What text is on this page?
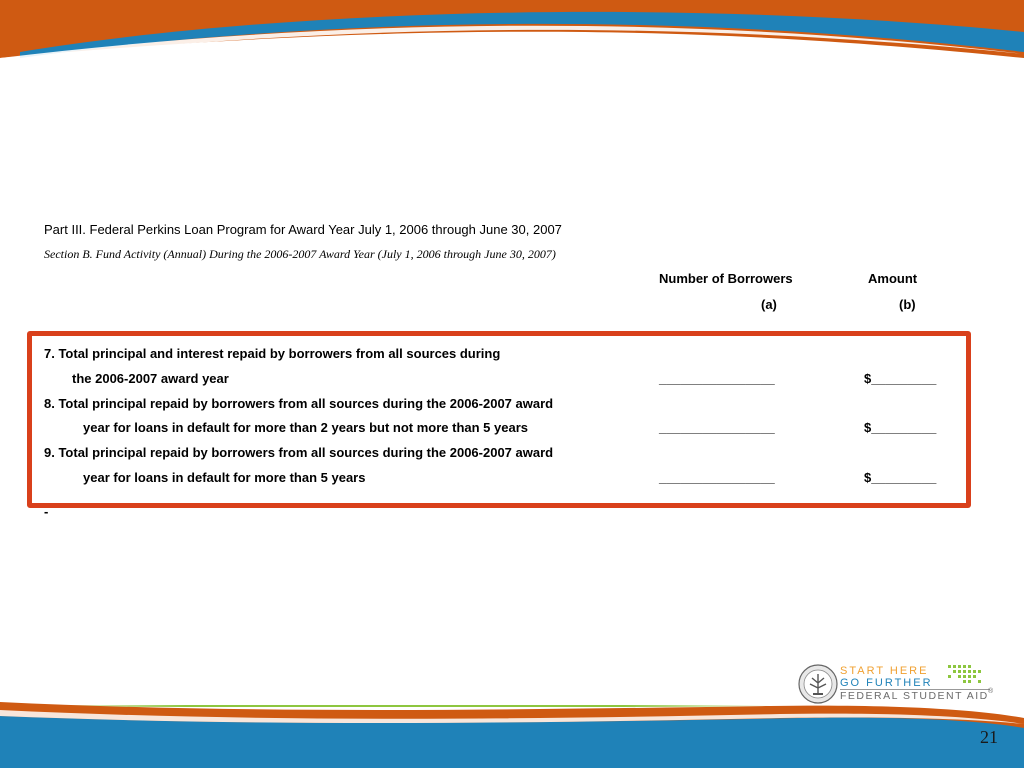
Part III. Federal Perkins Loan Program for Award Year July 1, 2006 through June 30, 2007
Section B. Fund Activity (Annual) During the 2006-2007 Award Year (July 1, 2006 through June 30, 2007)
Number of Borrowers	Amount
(a)	(b)
7. Total principal and interest repaid by borrowers from all sources during
the 2006-2007 award year	________________	$_________
8. Total principal repaid by borrowers from all sources during the 2006-2007 award
year for loans in default for more than 2 years but not more than 5 years	________________	$_________
9. Total principal repaid by borrowers from all sources during the 2006-2007 award
year for loans in default for more than 5 years	________________	$_________
-
START HERE
GO FURTHER
FEDERAL STUDENT AID ®
21
